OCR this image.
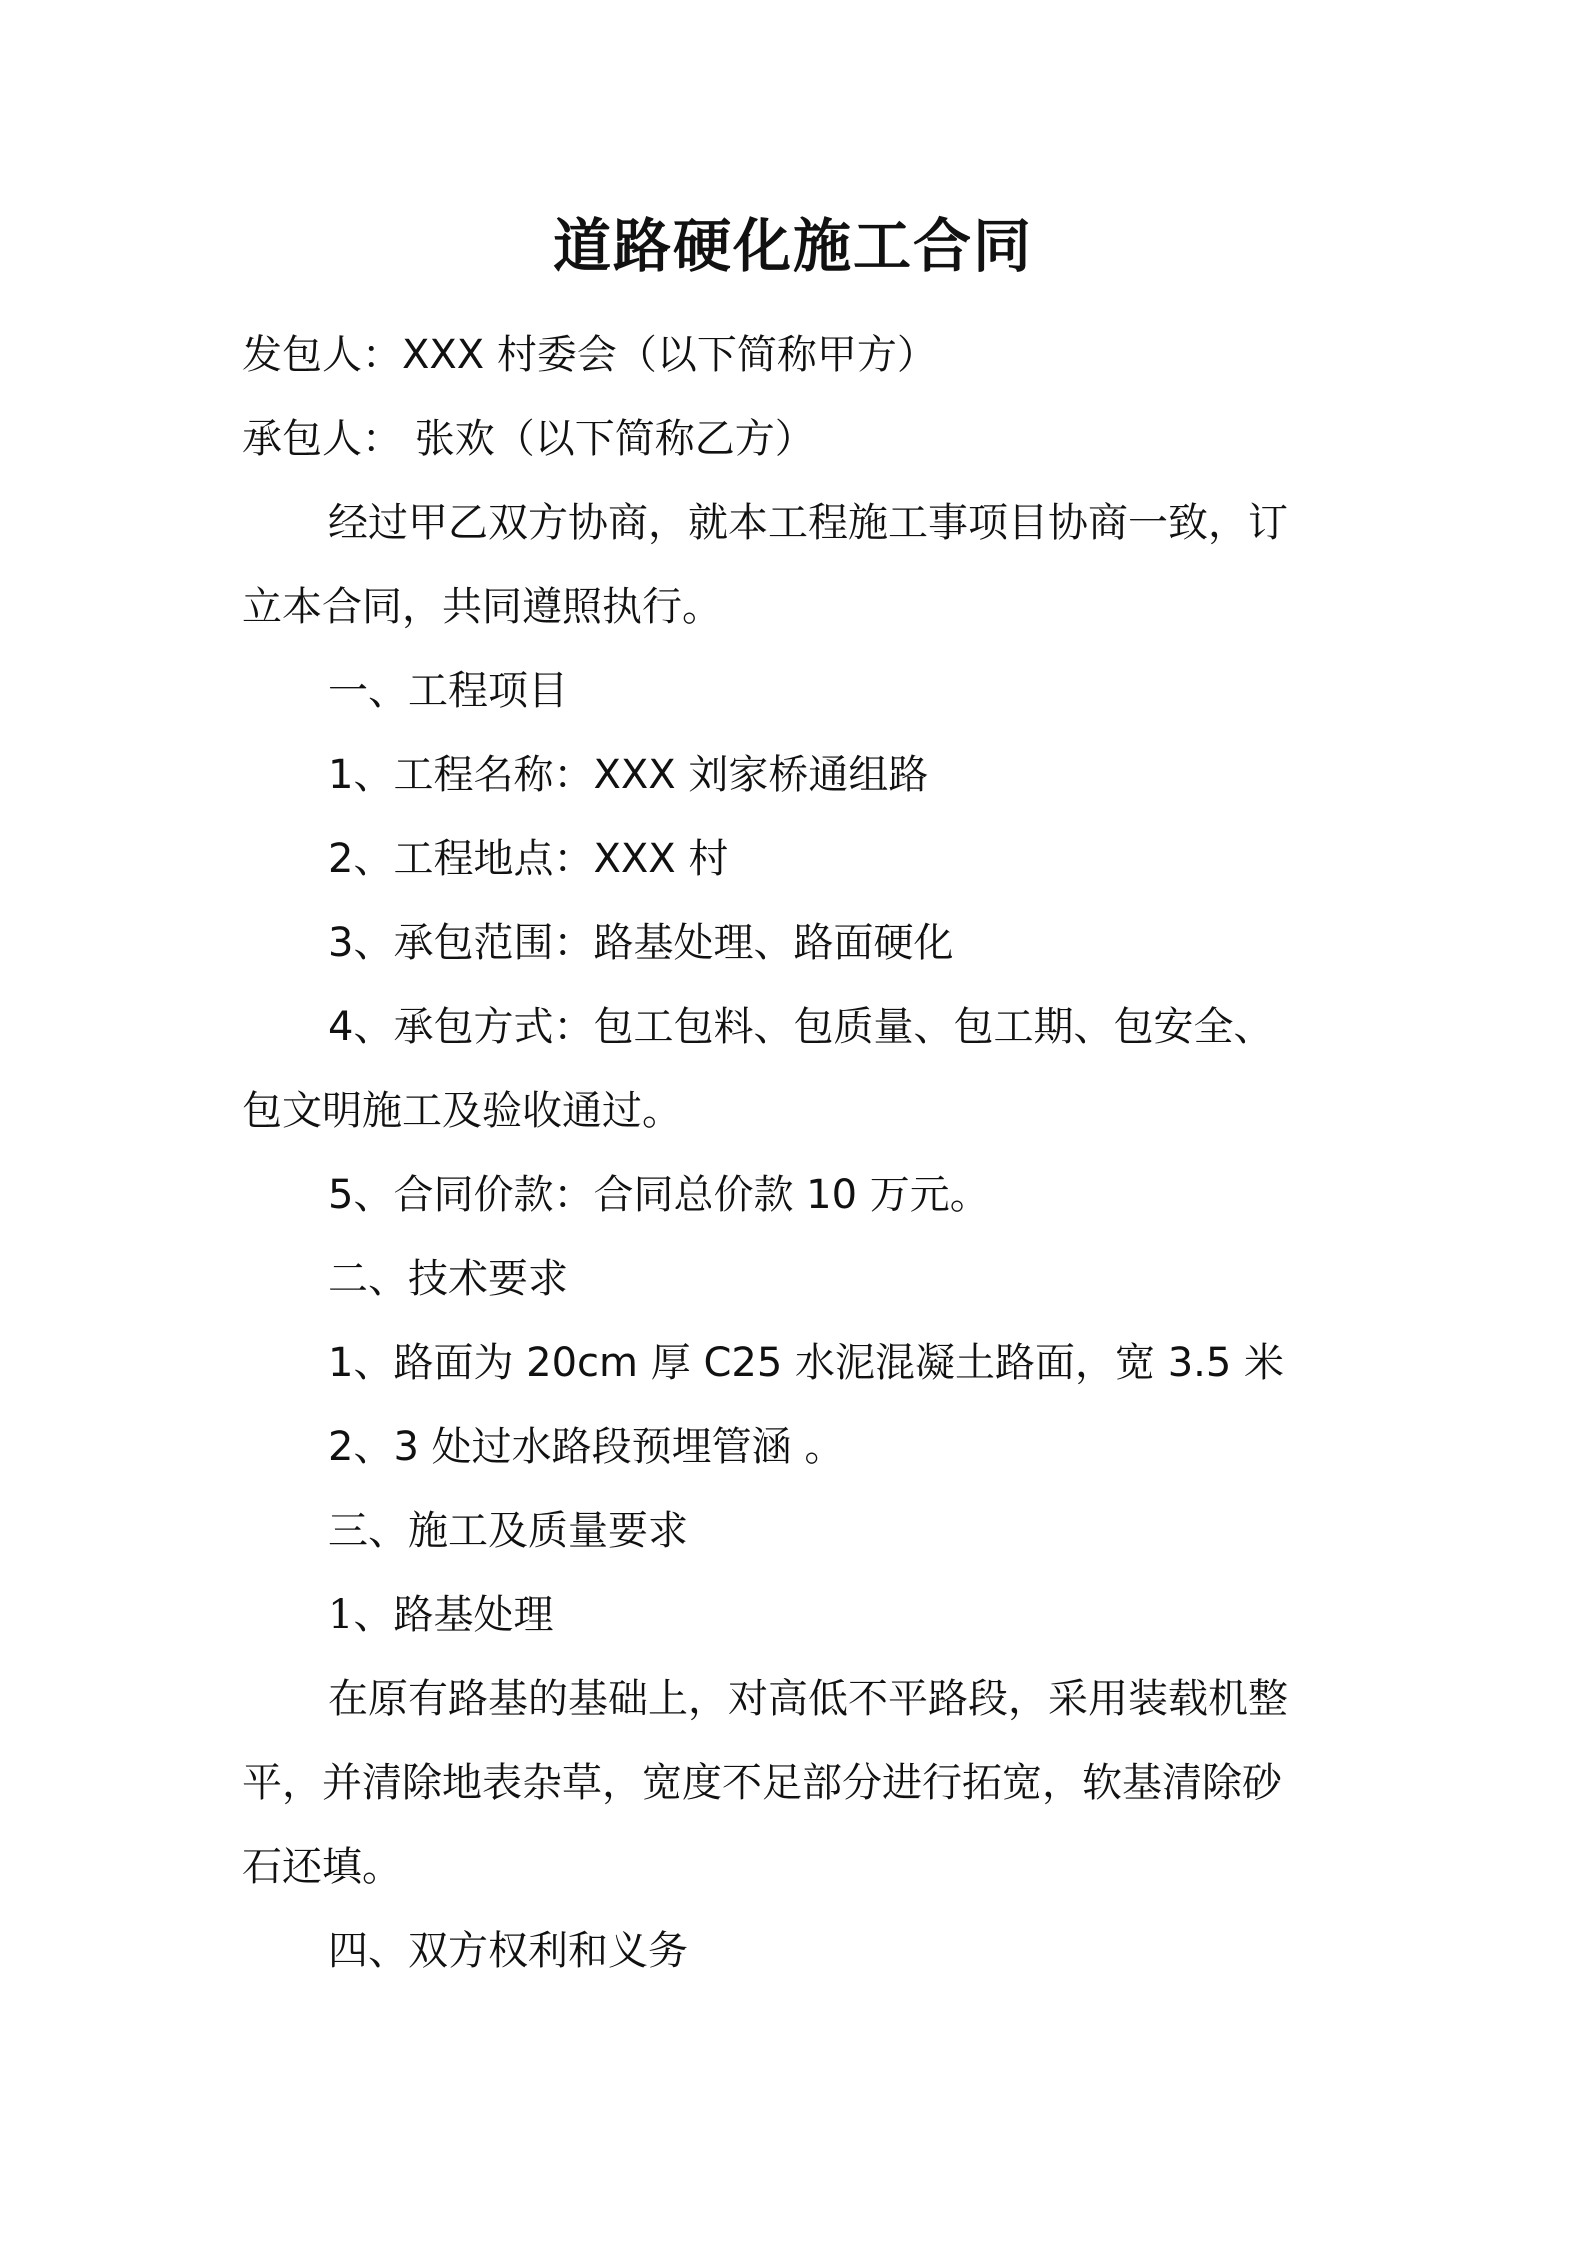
道路硬化施工合同

发包人：XXX 村委会（以下简称甲方）

承包人： 张欢（以下简称乙方）

经过甲乙双方协商，就本工程施工事项目协商一致，订

立本合同，共同遵照执行。

一、工程项目

1、工程名称：XXX 刘家桥通组路

2、工程地点：XXX 村

3、承包范围：路基处理、路面硬化

4、承包方式：包工包料、包质量、包工期、包安全、

包文明施工及验收通过。

5、合同价款：合同总价款 10 万元。

二、技术要求

1、路面为 20cm 厚 C25 水泥混凝土路面，宽 3.5 米

2、3 处过水路段预埋管涵 。

三、施工及质量要求

1、路基处理

在原有路基的基础上，对高低不平路段，采用装载机整

平，并清除地表杂草，宽度不足部分进行拓宽，软基清除砂

石还填。

四、双方权利和义务
